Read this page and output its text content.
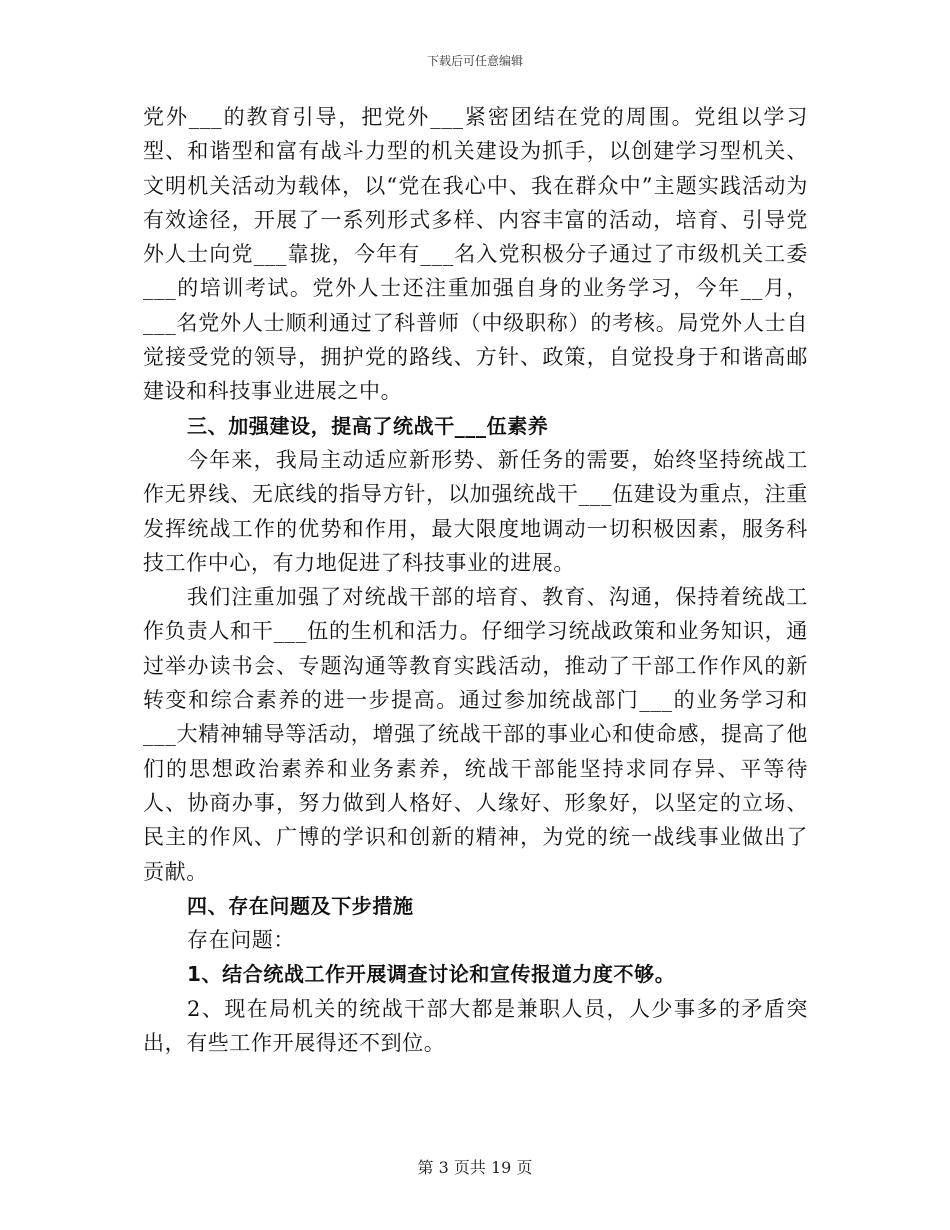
下载后可任意编辑

党外___的教育引导，把党外___紧密团结在党的周围。党组以学习型、和谐型和富有战斗力型的机关建设为抓手，以创建学习型机关、文明机关活动为载体，以“党在我心中、我在群众中”主题实践活动为有效途径，开展了一系列形式多样、内容丰富的活动，培育、引导党外人士向党___靠拢，今年有___名入党积极分子通过了市级机关工委___的培训考试。党外人士还注重加强自身的业务学习，今年__月，___名党外人士顺利通过了科普师（中级职称）的考核。局党外人士自觉接受党的领导，拥护党的路线、方针、政策，自觉投身于和谐高邮建设和科技事业进展之中。

三、加强建设，提高了统战干___伍素养

今年来，我局主动适应新形势、新任务的需要，始终坚持统战工作无界线、无底线的指导方针，以加强统战干___伍建设为重点，注重发挥统战工作的优势和作用，最大限度地调动一切积极因素，服务科技工作中心，有力地促进了科技事业的进展。

我们注重加强了对统战干部的培育、教育、沟通，保持着统战工作负责人和干___伍的生机和活力。仔细学习统战政策和业务知识，通过举办读书会、专题沟通等教育实践活动，推动了干部工作作风的新转变和综合素养的进一步提高。通过参加统战部门___的业务学习和___大精神辅导等活动，增强了统战干部的事业心和使命感，提高了他们的思想政治素养和业务素养，统战干部能坚持求同存异、平等待人、协商办事，努力做到人格好、人缘好、形象好，以坚定的立场、民主的作风、广博的学识和创新的精神，为党的统一战线事业做出了贡献。

四、存在问题及下步措施

存在问题：

1、结合统战工作开展调查讨论和宣传报道力度不够。

2、现在局机关的统战干部大都是兼职人员，人少事多的矛盾突出，有些工作开展得还不到位。

第 3 页共 19 页
